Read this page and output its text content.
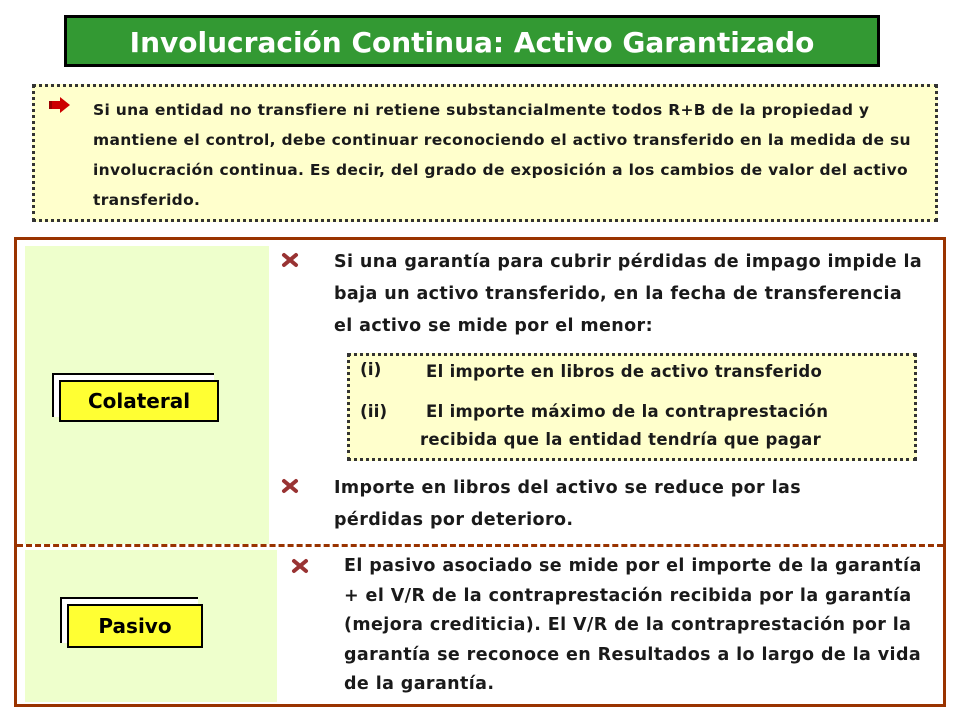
Involucración Continua: Activo Garantizado
Si una entidad no transfiere ni retiene substancialmente todos R+B de la propiedad y mantiene el control, debe continuar reconociendo el activo transferido en la medida de su involucración continua. Es decir, del grado de exposición a los cambios de valor del activo transferido.
Colateral
Pasivo
Si una garantía para cubrir pérdidas de impago impide la baja un activo transferido, en la fecha de transferencia el activo se mide por el menor:
(i)	El importe en libros de activo transferido
(ii)	El importe máximo de la contraprestación recibida que la entidad tendría que pagar
Importe en libros del activo se reduce por las pérdidas por deterioro.
El pasivo asociado se mide por el importe de la garantía + el V/R de la contraprestación recibida por la garantía (mejora crediticia). El V/R de la contraprestación por la garantía se reconoce en Resultados a lo largo de la vida de la garantía.
